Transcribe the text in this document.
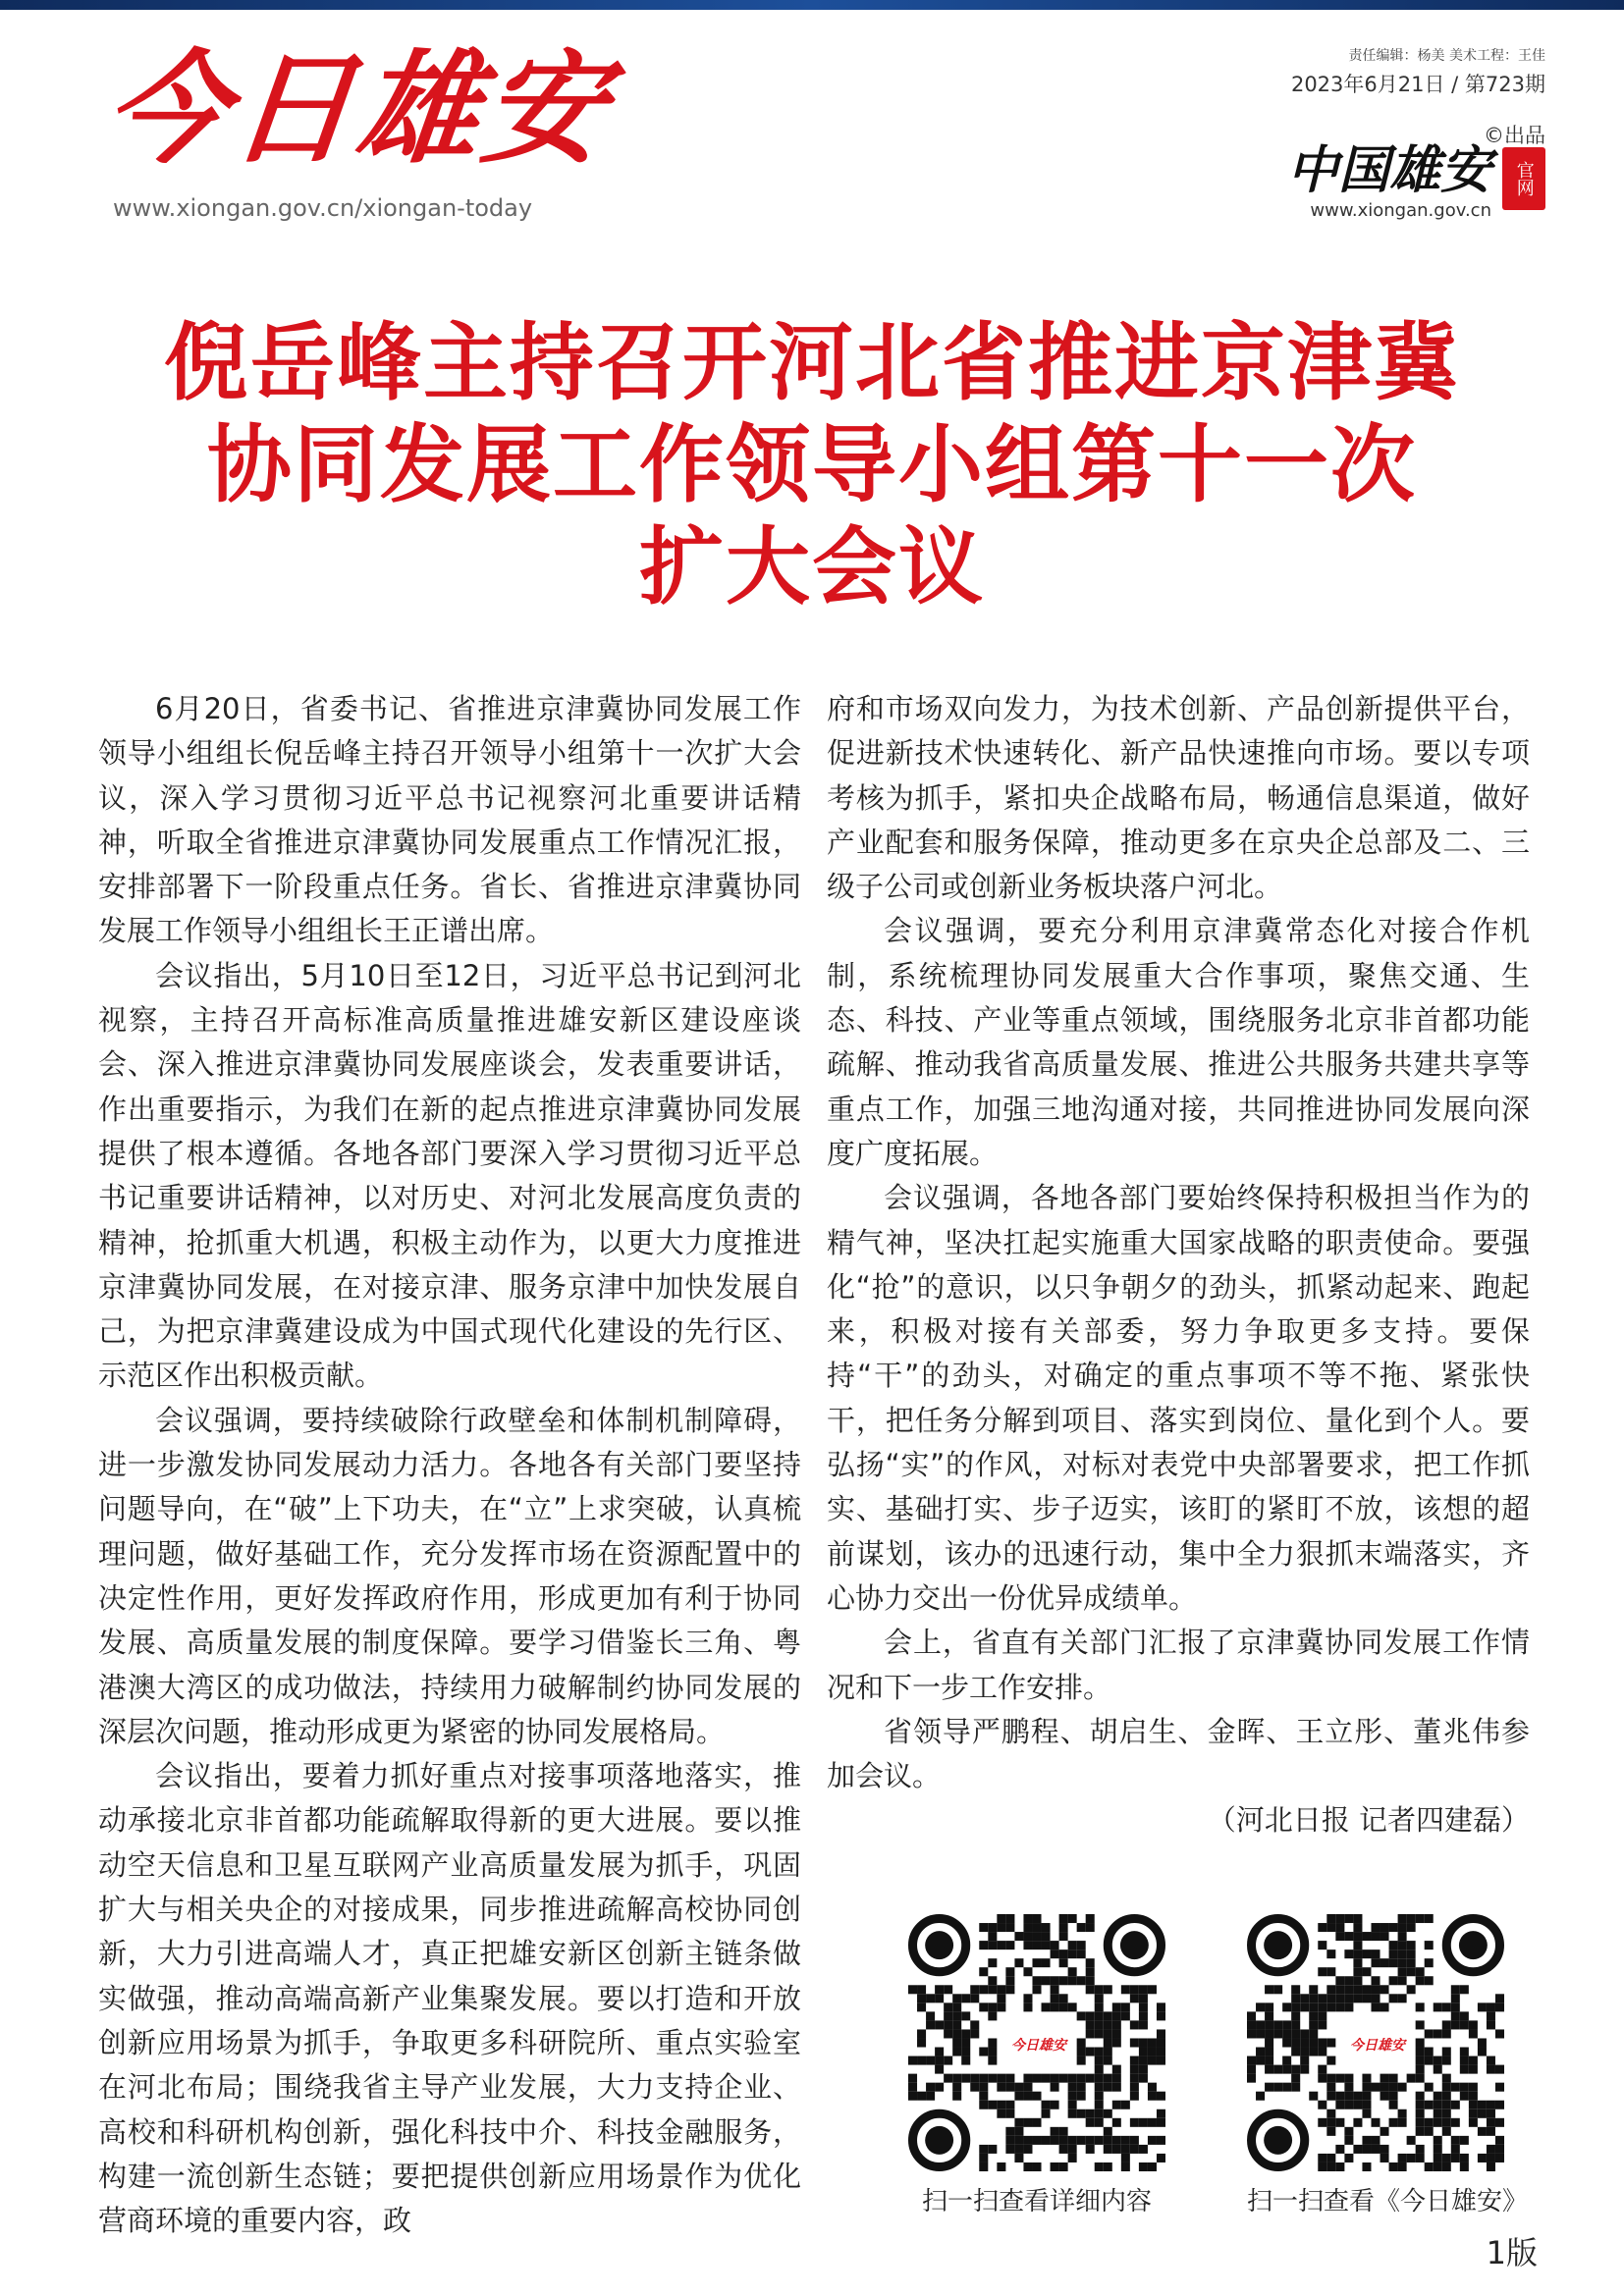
今日雄安
www.xiongan.gov.cn/xiongan-today
责任编辑：杨美 美术工程：王佳
2023年6月21日 / 第723期
©出品
中国雄安 官网
www.xiongan.gov.cn
倪岳峰主持召开河北省推进京津冀
协同发展工作领导小组第十一次
扩大会议

6月20日，省委书记、省推进京津冀协同发展工作领导小组组长倪岳峰主持召开领导小组第十一次扩大会议，深入学习贯彻习近平总书记视察河北重要讲话精神，听取全省推进京津冀协同发展重点工作情况汇报，安排部署下一阶段重点任务。省长、省推进京津冀协同发展工作领导小组组长王正谱出席。

会议指出，5月10日至12日，习近平总书记到河北视察，主持召开高标准高质量推进雄安新区建设座谈会、深入推进京津冀协同发展座谈会，发表重要讲话，作出重要指示，为我们在新的起点推进京津冀协同发展提供了根本遵循。各地各部门要深入学习贯彻习近平总书记重要讲话精神，以对历史、对河北发展高度负责的精神，抢抓重大机遇，积极主动作为，以更大力度推进京津冀协同发展，在对接京津、服务京津中加快发展自己，为把京津冀建设成为中国式现代化建设的先行区、示范区作出积极贡献。

会议强调，要持续破除行政壁垒和体制机制障碍，进一步激发协同发展动力活力。各地各有关部门要坚持问题导向，在“破”上下功夫，在“立”上求突破，认真梳理问题，做好基础工作，充分发挥市场在资源配置中的决定性作用，更好发挥政府作用，形成更加有利于协同发展、高质量发展的制度保障。要学习借鉴长三角、粤港澳大湾区的成功做法，持续用力破解制约协同发展的深层次问题，推动形成更为紧密的协同发展格局。

会议指出，要着力抓好重点对接事项落地落实，推动承接北京非首都功能疏解取得新的更大进展。要以推动空天信息和卫星互联网产业高质量发展为抓手，巩固扩大与相关央企的对接成果，同步推进疏解高校协同创新，大力引进高端人才，真正把雄安新区创新主链条做实做强，推动高端高新产业集聚发展。要以打造和开放创新应用场景为抓手，争取更多科研院所、重点实验室在河北布局；围绕我省主导产业发展，大力支持企业、高校和科研机构创新，强化科技中介、科技金融服务，构建一流创新生态链；要把提供创新应用场景作为优化营商环境的重要内容，政

府和市场双向发力，为技术创新、产品创新提供平台，促进新技术快速转化、新产品快速推向市场。要以专项考核为抓手，紧扣央企战略布局，畅通信息渠道，做好产业配套和服务保障，推动更多在京央企总部及二、三级子公司或创新业务板块落户河北。

会议强调，要充分利用京津冀常态化对接合作机制，系统梳理协同发展重大合作事项，聚焦交通、生态、科技、产业等重点领域，围绕服务北京非首都功能疏解、推动我省高质量发展、推进公共服务共建共享等重点工作，加强三地沟通对接，共同推进协同发展向深度广度拓展。

会议强调，各地各部门要始终保持积极担当作为的精气神，坚决扛起实施重大国家战略的职责使命。要强化“抢”的意识，以只争朝夕的劲头，抓紧动起来、跑起来，积极对接有关部委，努力争取更多支持。要保持“干”的劲头，对确定的重点事项不等不拖、紧张快干，把任务分解到项目、落实到岗位、量化到个人。要弘扬“实”的作风，对标对表党中央部署要求，把工作抓实、基础打实、步子迈实，该盯的紧盯不放，该想的超前谋划，该办的迅速行动，集中全力狠抓末端落实，齐心协力交出一份优异成绩单。

会上，省直有关部门汇报了京津冀协同发展工作情况和下一步工作安排。

省领导严鹏程、胡启生、金晖、王立彤、董兆伟参加会议。

（河北日报 记者四建磊）
今日雄安
扫一扫查看详细内容
今日雄安
扫一扫查看《今日雄安》
1版
